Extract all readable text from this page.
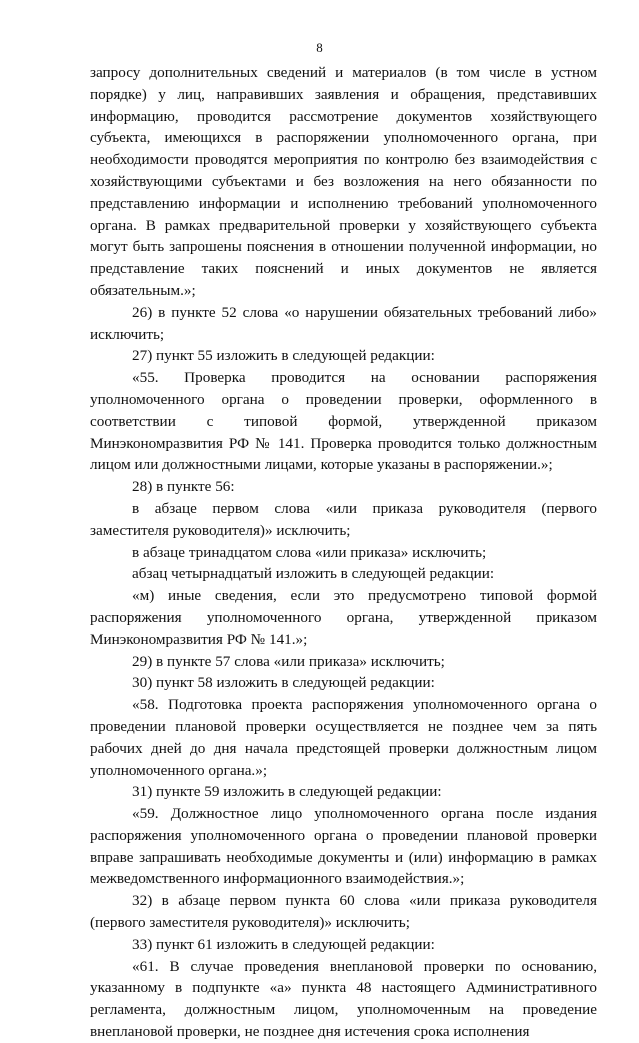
8

запросу дополнительных сведений и материалов (в том числе в устном порядке) у лиц, направивших заявления и обращения, представивших информацию, проводится рассмотрение документов хозяйствующего субъекта, имеющихся в распоряжении уполномоченного органа, при необходимости проводятся мероприятия по контролю без взаимодействия с хозяйствующими субъектами и без возложения на него обязанности по представлению информации и исполнению требований уполномоченного органа. В рамках предварительной проверки у хозяйствующего субъекта могут быть запрошены пояснения в отношении полученной информации, но представление таких пояснений и иных документов не является обязательным.»;

26) в пункте 52 слова «о нарушении обязательных требований либо» исключить;

27) пункт 55 изложить в следующей редакции:

«55. Проверка проводится на основании распоряжения уполномоченного органа о проведении проверки, оформленного в соответствии с типовой формой, утвержденной приказом Минэкономразвития РФ № 141. Проверка проводится только должностным лицом или должностными лицами, которые указаны в распоряжении.»;

28) в пункте 56:

в абзаце первом слова «или приказа руководителя (первого заместителя руководителя)» исключить;

в абзаце тринадцатом слова «или приказа» исключить;

абзац четырнадцатый изложить в следующей редакции:

«м) иные сведения, если это предусмотрено типовой формой распоряжения уполномоченного органа, утвержденной приказом Минэкономразвития РФ № 141.»;

29) в пункте 57 слова «или приказа» исключить;

30) пункт 58 изложить в следующей редакции:

«58. Подготовка проекта распоряжения уполномоченного органа о проведении плановой проверки осуществляется не позднее чем за пять рабочих дней до дня начала предстоящей проверки должностным лицом уполномоченного органа.»;

31) пункте 59 изложить в следующей редакции:

«59. Должностное лицо уполномоченного органа после издания распоряжения уполномоченного органа о проведении плановой проверки вправе запрашивать необходимые документы и (или) информацию в рамках межведомственного информационного взаимодействия.»;

32) в абзаце первом пункта 60 слова «или приказа руководителя (первого заместителя руководителя)» исключить;

33) пункт 61 изложить в следующей редакции:

«61. В случае проведения внеплановой проверки по основанию, указанному в подпункте «а» пункта 48 настоящего Административного регламента, должностным лицом, уполномоченным на проведение внеплановой проверки, не позднее дня истечения срока исполнения
